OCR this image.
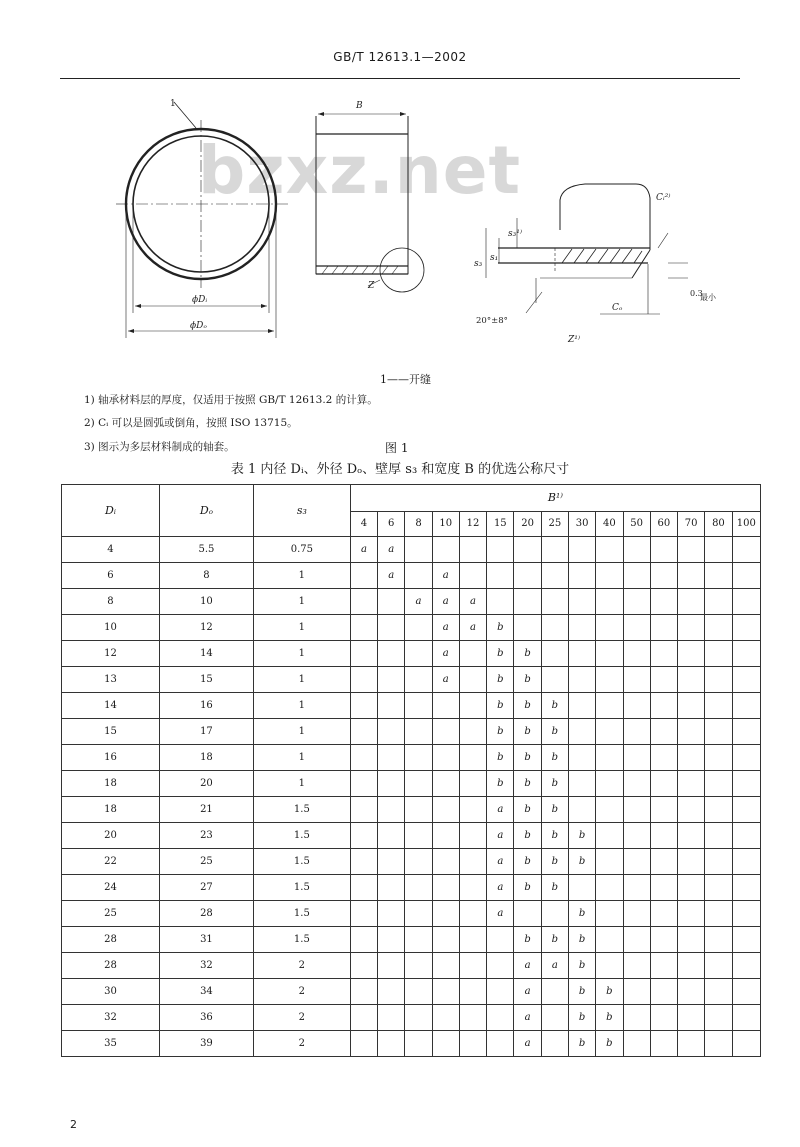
GB/T 12613.1—2002
bzxz.net
1
ϕDᵢ
ϕDₒ
B
Z
Cᵢ²⁾
s₃
s₁
s₃¹⁾
20°±8°
Cₒ
Z¹⁾
0.3
最小
1——开缝
1) 轴承材料层的厚度，仅适用于按照 GB/T 12613.2 的计算。
2) Cᵢ 可以是圆弧或倒角，按照 ISO 13715。
3) 图示为多层材料制成的轴套。	图 1
表 1 内径 Dᵢ、外径 Dₒ、壁厚 s₃ 和宽度 B 的优选公称尺寸
Dᵢ	Dₒ	s₃	B¹⁾														
			4	6	8	10	12	15	20	25	30	40	50	60	70	80	100
4	5.5	0.75	a	a													
6	8	1		a		a											
8	10	1			a	a	a										
10	12	1				a	a	b									
12	14	1				a		b	b								
13	15	1				a		b	b								
14	16	1						b	b	b							
15	17	1						b	b	b							
16	18	1						b	b	b							
18	20	1						b	b	b							
18	21	1.5						a	b	b							
20	23	1.5						a	b	b	b						
22	25	1.5						a	b	b	b						
24	27	1.5						a	b	b							
25	28	1.5						a			b						
28	31	1.5							b	b	b						
28	32	2							a	a	b						
30	34	2							a		b	b					
32	36	2							a		b	b					
35	39	2							a		b	b					
2
